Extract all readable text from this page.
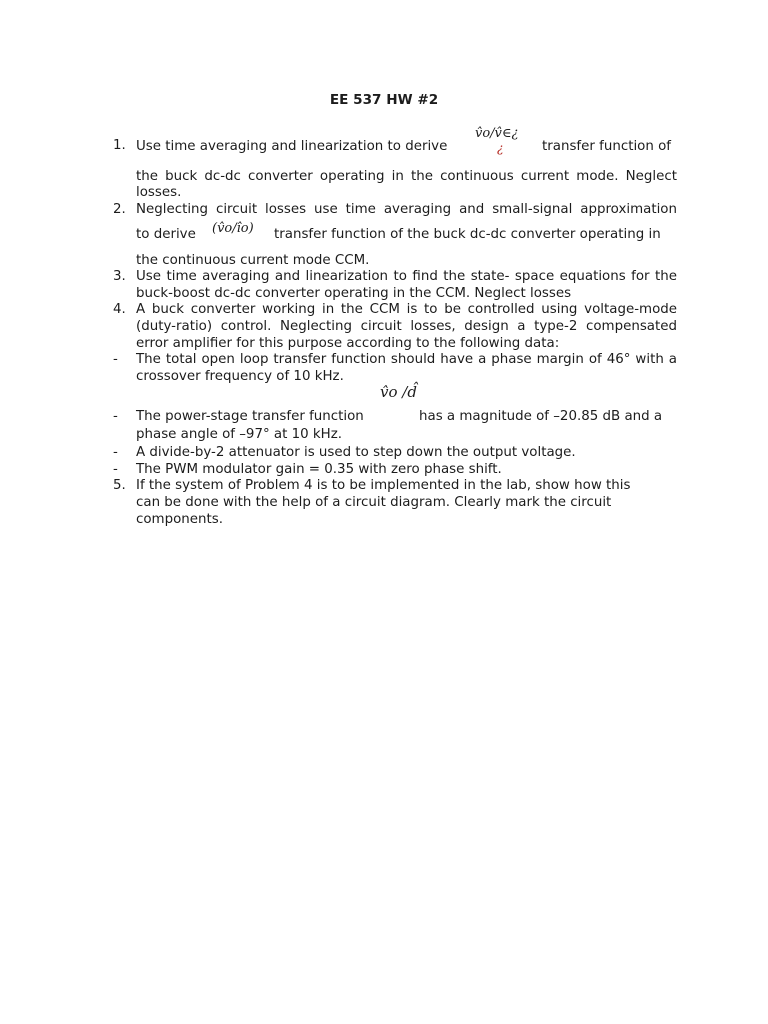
EE 537 HW #2
1.
v̂o/v̂∈¿
¿
Use time averaging and linearization to derive	transfer function of
the buck dc-dc converter operating in the continuous current mode. Neglect
losses.
2. Neglecting circuit losses use time averaging and small-signal approximation
to derive (v̂o/îo) transfer function of the buck dc-dc converter operating in
the continuous current mode CCM.
3. Use time averaging and linearization to find the state- space equations for the buck-boost dc-dc converter operating in the CCM. Neglect losses
4. A buck converter working in the CCM is to be controlled using voltage-mode (duty-ratio) control. Neglecting circuit losses, design a type-2 compensated error amplifier for this purpose according to the following data:
- The total open loop transfer function should have a phase margin of 46° with a crossover frequency of 10 kHz.
v̂o /d̂
- The power-stage transfer function	has a magnitude of –20.85 dB and a
phase angle of –97° at 10 kHz.
- A divide-by-2 attenuator is used to step down the output voltage.
- The PWM modulator gain = 0.35 with zero phase shift.
5. If the system of Problem 4 is to be implemented in the lab, show how this can be done with the help of a circuit diagram. Clearly mark the circuit components.
